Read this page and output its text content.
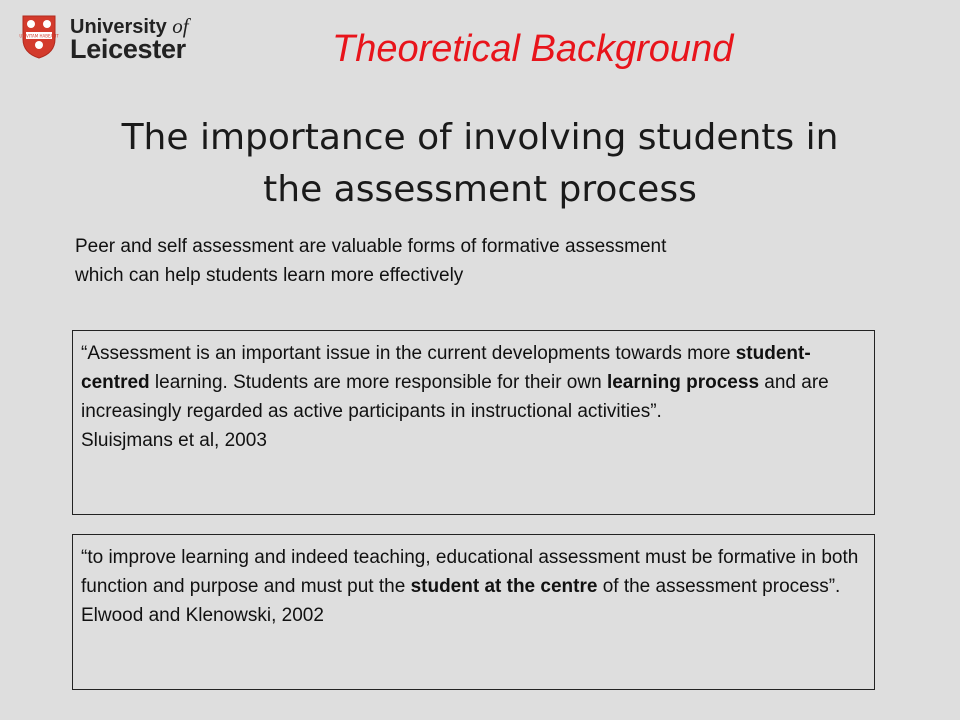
UT VITAM HABEANT University of
Leicester	Theoretical Background
The importance of involving students in
the assessment process
Peer and self assessment are valuable forms of formative assessment
which can help students learn more effectively
“Assessment is an important issue in the current developments towards more student-centred learning. Students are more responsible for their own learning process and are increasingly regarded as active participants in instructional activities”.
Sluisjmans et al, 2003
“to improve learning and indeed teaching, educational assessment must be formative in both function and purpose and must put the student at the centre of the assessment process”.
Elwood and Klenowski, 2002
